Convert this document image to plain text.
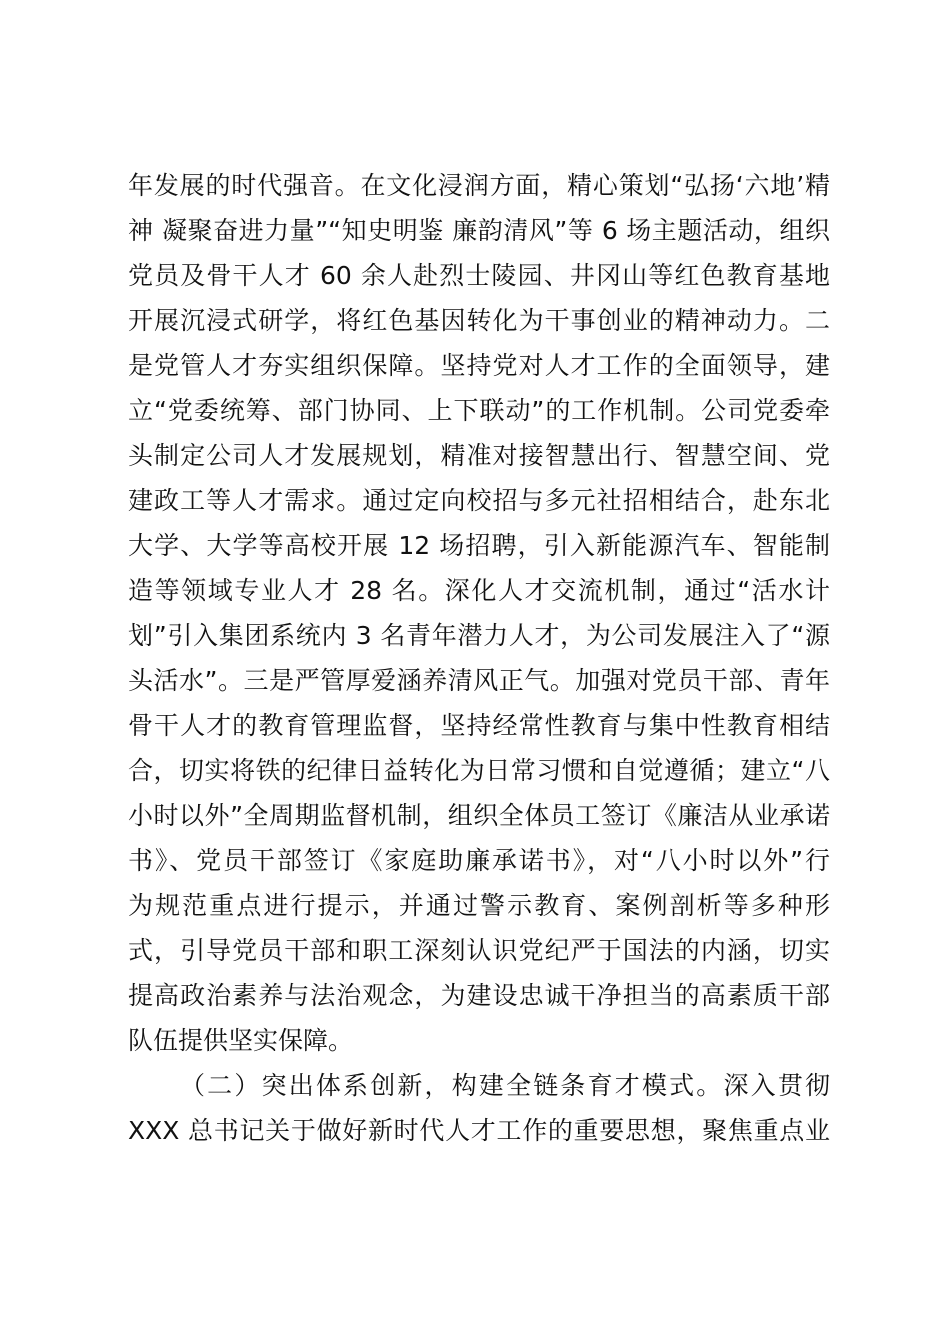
年发展的时代强音。在文化浸润方面，精心策划“弘扬‘六地’精
神 凝聚奋进力量”“知史明鉴 廉韵清风”等 6 场主题活动，组织
党员及骨干人才 60 余人赴烈士陵园、井冈山等红色教育基地
开展沉浸式研学，将红色基因转化为干事创业的精神动力。二
是党管人才夯实组织保障。坚持党对人才工作的全面领导，建
立“党委统筹、部门协同、上下联动”的工作机制。公司党委牵
头制定公司人才发展规划，精准对接智慧出行、智慧空间、党
建政工等人才需求。通过定向校招与多元社招相结合，赴东北
大学、大学等高校开展 12 场招聘，引入新能源汽车、智能制
造等领域专业人才 28 名。深化人才交流机制，通过“活水计
划”引入集团系统内 3 名青年潜力人才，为公司发展注入了“源
头活水”。三是严管厚爱涵养清风正气。加强对党员干部、青年
骨干人才的教育管理监督，坚持经常性教育与集中性教育相结
合，切实将铁的纪律日益转化为日常习惯和自觉遵循；建立“八
小时以外”全周期监督机制，组织全体员工签订《廉洁从业承诺
书》、党员干部签订《家庭助廉承诺书》，对“八小时以外”行
为规范重点进行提示，并通过警示教育、案例剖析等多种形
式，引导党员干部和职工深刻认识党纪严于国法的内涵，切实
提高政治素养与法治观念，为建设忠诚干净担当的高素质干部
队伍提供坚实保障。
（二）突出体系创新，构建全链条育才模式。深入贯彻
XXX 总书记关于做好新时代人才工作的重要思想，聚焦重点业
